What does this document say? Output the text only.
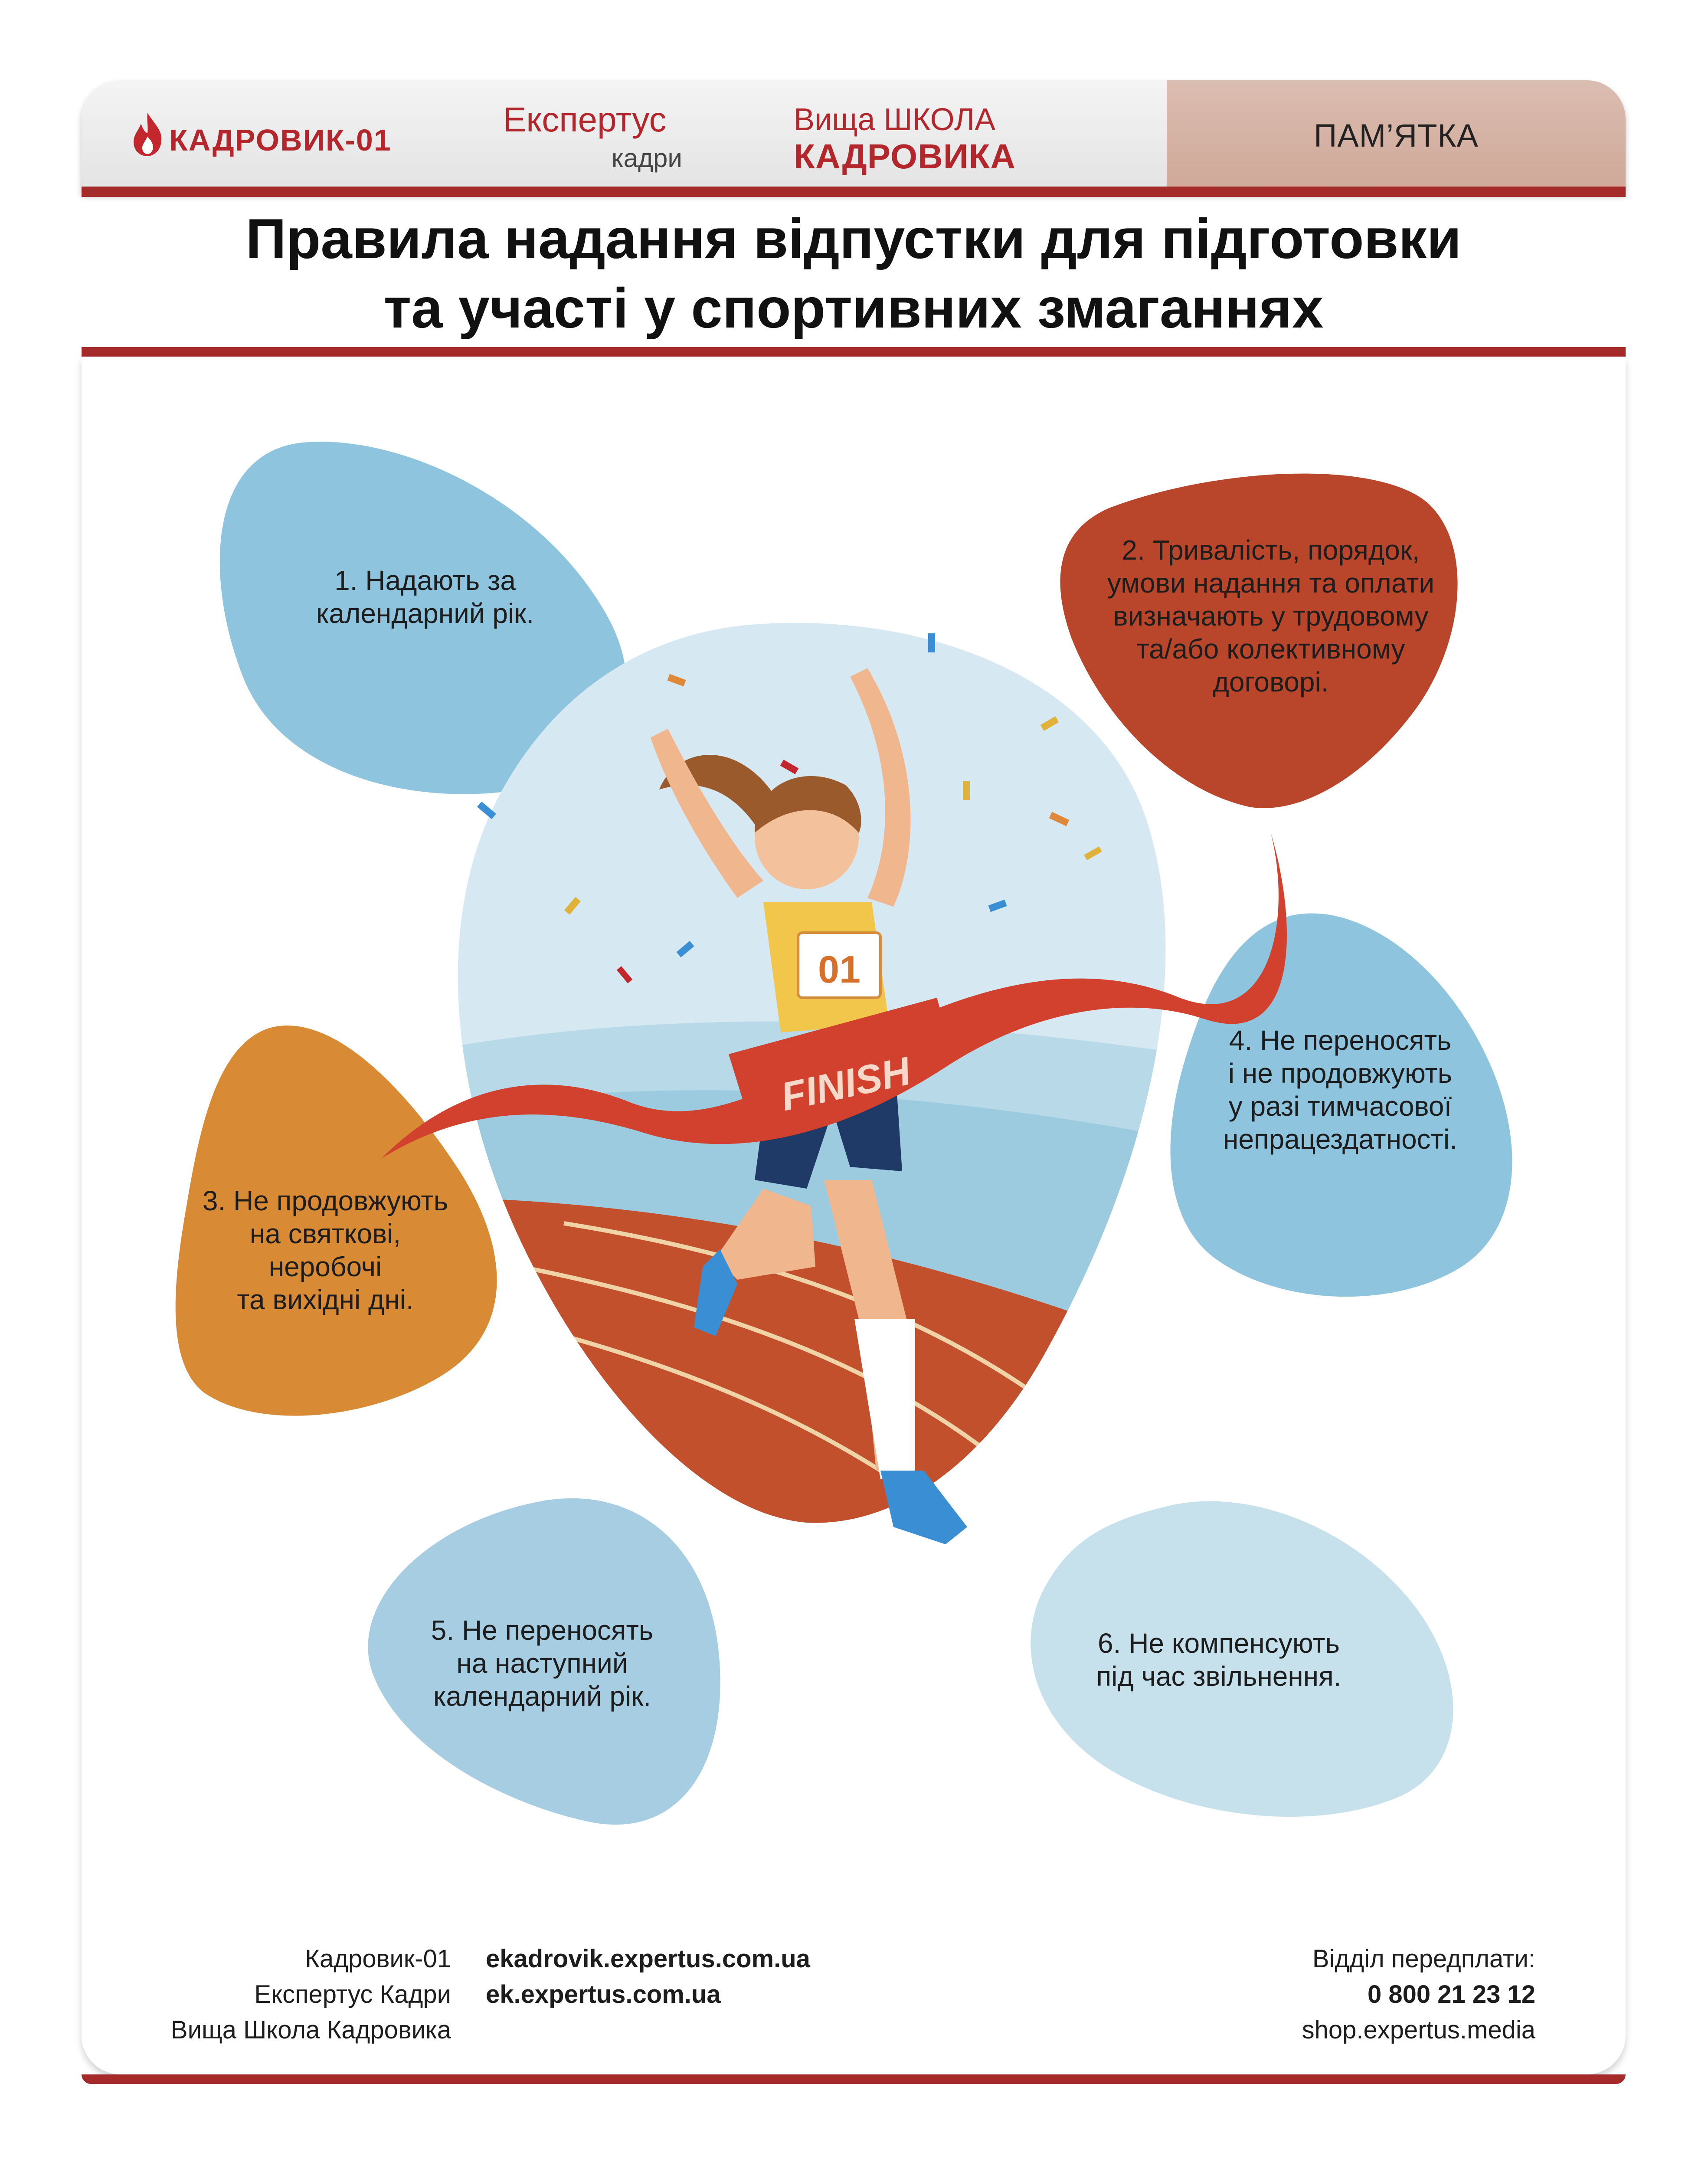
КАДРОВИК-01
Експертус
кадри
Вища ШКОЛА
КАДРОВИКА
ПАМ’ЯТКА
Правила надання відпустки для підготовки
та участі у спортивних змаганнях
01
FINISH
1. Надають за
календарний рік.
2. Тривалість, порядок,
умови надання та оплати
визначають у трудовому
та/або колективному
договорі.
3. Не продовжують
на святкові,
неробочі
та вихідні дні.
4. Не переносять
і не продовжують
у разі тимчасової
непрацездатності.
5. Не переносять
на наступний
календарний рік.
6. Не компенсують
під час звільнення.
Кадровик-01
Експертус Кадри
Вища Школа Кадровика
ekadrovik.expertus.com.ua
ek.expertus.com.ua
Відділ передплати:
0 800 21 23 12
shop.expertus.media
